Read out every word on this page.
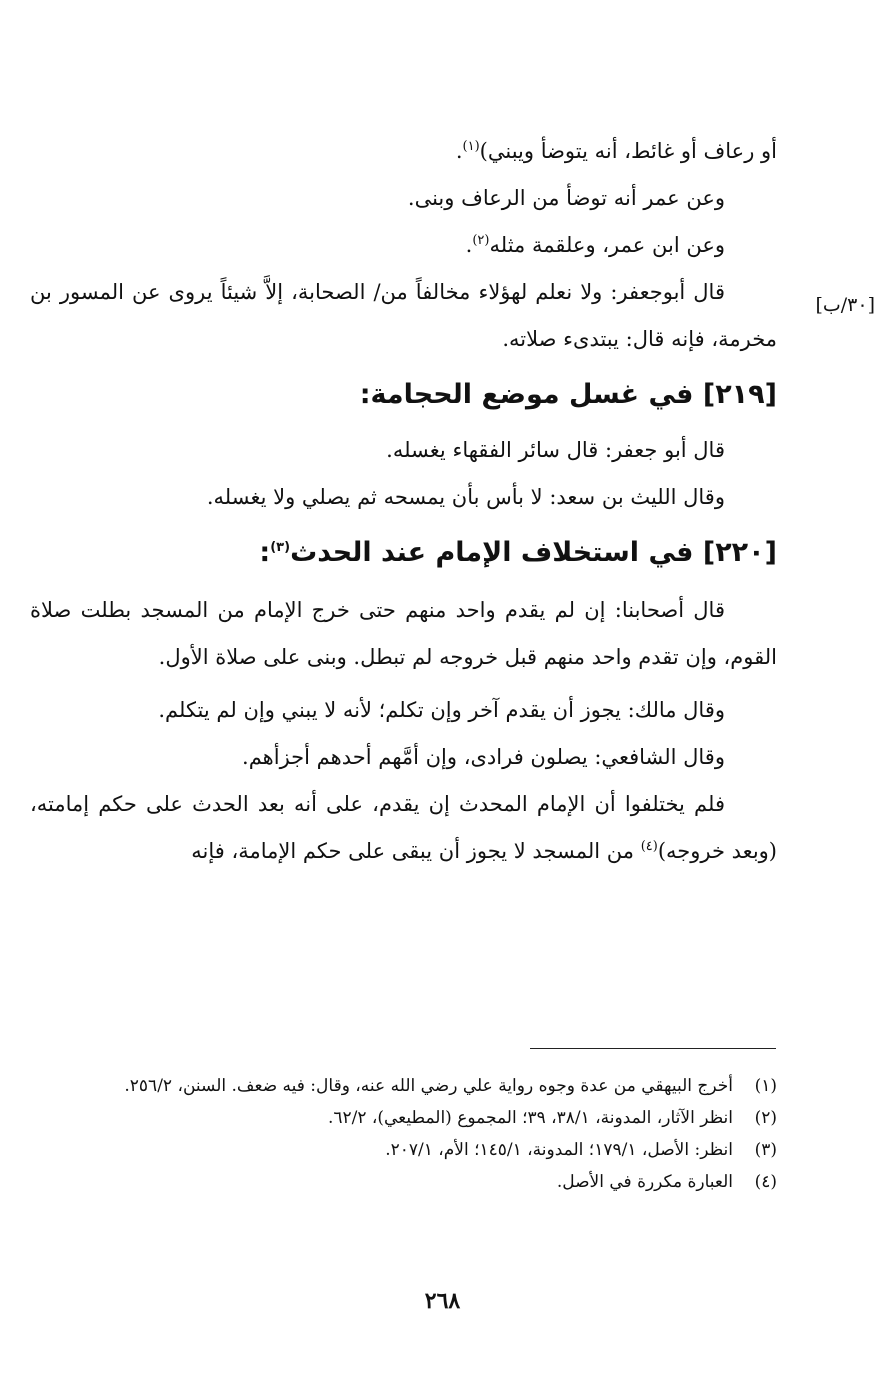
[٣٠/ب]

أو رعاف أو غائط، أنه يتوضأ ويبني)$^{(١)}$.

وعن عمر أنه توضأ من الرعاف وبنى.

وعن ابن عمر، وعلقمة مثله$^{(٢)}$.

قال أبوجعفر: ولا نعلم لهؤلاء مخالفاً من/ الصحابة، إلاَّ شيئاً يروى عن المسور بن مخرمة، فإنه قال: يبتدىء صلاته.

[٢١٩] في غسل موضع الحجامة:

قال أبو جعفر: قال سائر الفقهاء يغسله.

وقال الليث بن سعد: لا بأس بأن يمسحه ثم يصلي ولا يغسله.

[٢٢٠] في استخلاف الإمام عند الحدث$^{(٣)}$:

قال أصحابنا: إن لم يقدم واحد منهم حتى خرج الإمام من المسجد بطلت صلاة القوم، وإن تقدم واحد منهم قبل خروجه لم تبطل. وبنى على صلاة الأول.

وقال مالك: يجوز أن يقدم آخر وإن تكلم؛ لأنه لا يبني وإن لم يتكلم.

وقال الشافعي: يصلون فرادى، وإن أمَّهم أحدهم أجزأهم.

فلم يختلفوا أن الإمام المحدث إن يقدم، على أنه بعد الحدث على حكم إمامته، (وبعد خروجه)$^{(٤)}$ من المسجد لا يجوز أن يبقى على حكم الإمامة، فإنه

(١)
أخرج البيهقي من عدة وجوه رواية علي رضي الله عنه، وقال: فيه ضعف. السنن، ٢٥٦/٢.
(٢)
انظر الآثار، المدونة، ٣٨/١، ٣٩؛ المجموع (المطيعي)، ٦٢/٢.
(٣)
انظر: الأصل، ١٧٩/١؛ المدونة، ١٤٥/١؛ الأم، ٢٠٧/١.
(٤)
العبارة مكررة في الأصل.
٢٦٨
